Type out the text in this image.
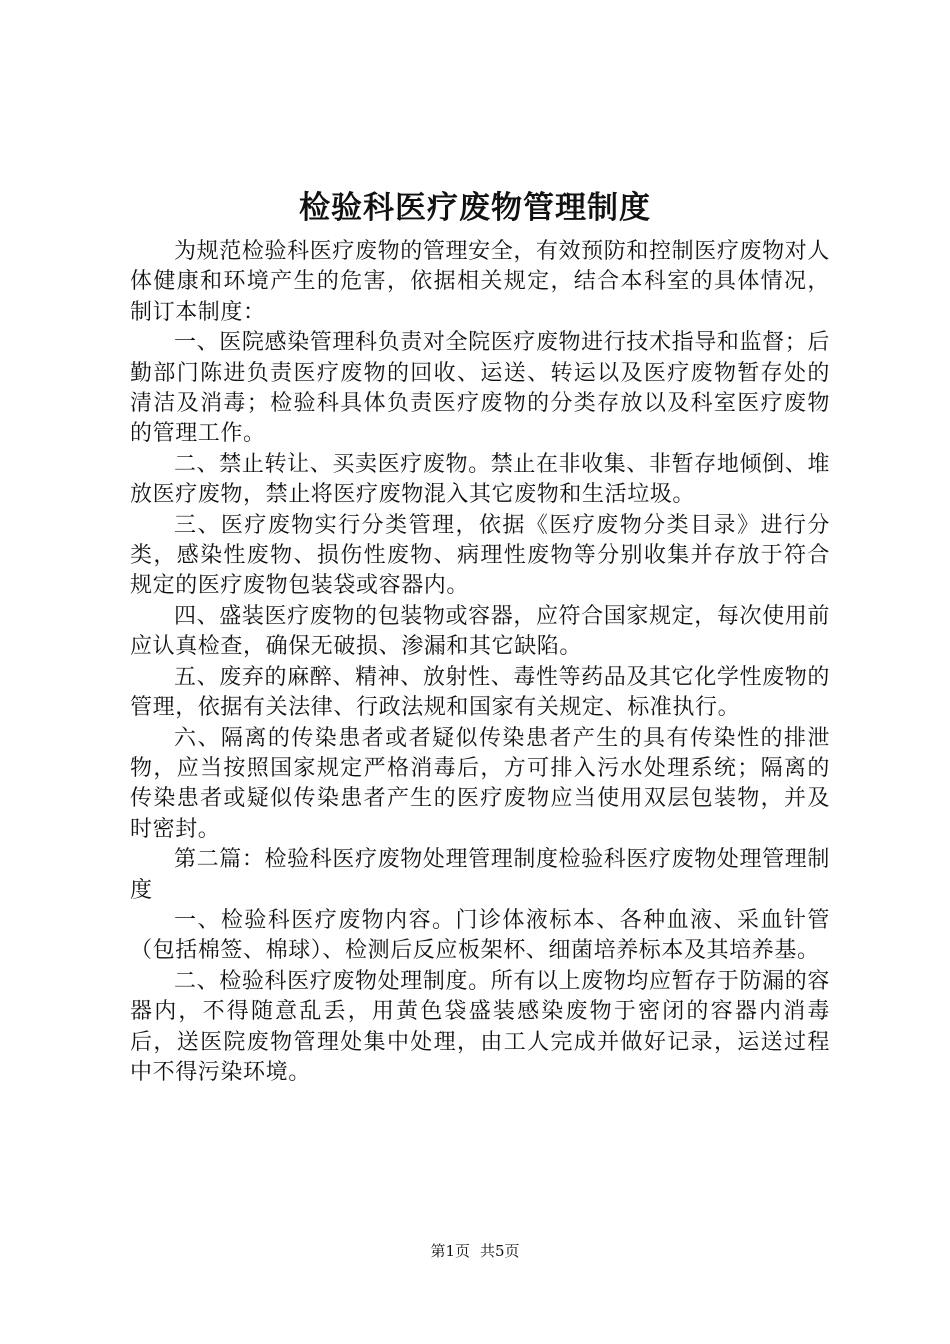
检验科医疗废物管理制度

为规范检验科医疗废物的管理安全，有效预防和控制医疗废物对人体健康和环境产生的危害，依据相关规定，结合本科室的具体情况，制订本制度：

一、医院感染管理科负责对全院医疗废物进行技术指导和监督；后勤部门陈进负责医疗废物的回收、运送、转运以及医疗废物暂存处的清洁及消毒；检验科具体负责医疗废物的分类存放以及科室医疗废物的管理工作。

二、禁止转让、买卖医疗废物。禁止在非收集、非暂存地倾倒、堆放医疗废物，禁止将医疗废物混入其它废物和生活垃圾。

三、医疗废物实行分类管理，依据《医疗废物分类目录》进行分类，感染性废物、损伤性废物、病理性废物等分别收集并存放于符合规定的医疗废物包装袋或容器内。

四、盛装医疗废物的包装物或容器，应符合国家规定，每次使用前应认真检查，确保无破损、渗漏和其它缺陷。

五、废弃的麻醉、精神、放射性、毒性等药品及其它化学性废物的管理，依据有关法律、行政法规和国家有关规定、标准执行。

六、隔离的传染患者或者疑似传染患者产生的具有传染性的排泄物，应当按照国家规定严格消毒后，方可排入污水处理系统；隔离的传染患者或疑似传染患者产生的医疗废物应当使用双层包装物，并及时密封。

第二篇：检验科医疗废物处理管理制度检验科医疗废物处理管理制度

一、检验科医疗废物内容。门诊体液标本、各种血液、采血针管（包括棉签、棉球）、检测后反应板架杯、细菌培养标本及其培养基。

二、检验科医疗废物处理制度。所有以上废物均应暂存于防漏的容器内，不得随意乱丢，用黄色袋盛装感染废物于密闭的容器内消毒后，送医院废物管理处集中处理，由工人完成并做好记录，运送过程中不得污染环境。

第1页 共5页
